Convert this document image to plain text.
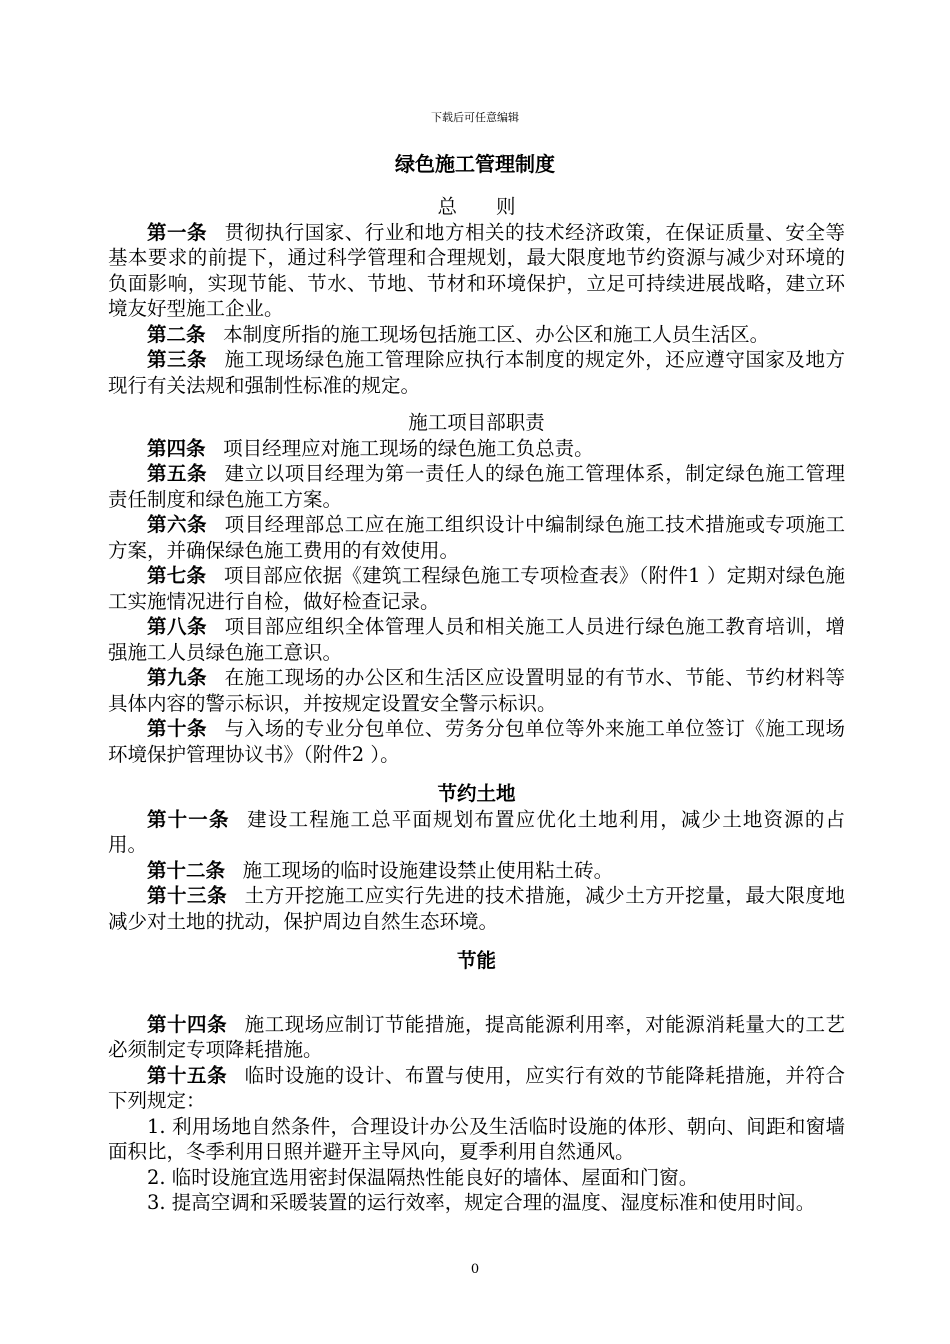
下载后可任意编辑
绿色施工管理制度

总　　则

第一条 贯彻执行国家、行业和地方相关的技术经济政策，在保证质量、安全等基本要求的前提下，通过科学管理和合理规划，最大限度地节约资源与减少对环境的负面影响，实现节能、节水、节地、节材和环境保护，立足可持续进展战略，建立环境友好型施工企业。

第二条 本制度所指的施工现场包括施工区、办公区和施工人员生活区。

第三条 施工现场绿色施工管理除应执行本制度的规定外，还应遵守国家及地方现行有关法规和强制性标准的规定。

施工项目部职责

第四条 项目经理应对施工现场的绿色施工负总责。

第五条 建立以项目经理为第一责任人的绿色施工管理体系，制定绿色施工管理责任制度和绿色施工方案。

第六条 项目经理部总工应在施工组织设计中编制绿色施工技术措施或专项施工方案，并确保绿色施工费用的有效使用。

第七条 项目部应依据《建筑工程绿色施工专项检查表》（附件1 ）定期对绿色施工实施情况进行自检，做好检查记录。

第八条 项目部应组织全体管理人员和相关施工人员进行绿色施工教育培训，增强施工人员绿色施工意识。

第九条 在施工现场的办公区和生活区应设置明显的有节水、节能、节约材料等具体内容的警示标识，并按规定设置安全警示标识。

第十条 与入场的专业分包单位、劳务分包单位等外来施工单位签订《施工现场环境保护管理协议书》（附件2 ）。

节约土地

第十一条 建设工程施工总平面规划布置应优化土地利用，减少土地资源的占用。

第十二条 施工现场的临时设施建设禁止使用粘土砖。

第十三条 土方开挖施工应实行先进的技术措施，减少土方开挖量，最大限度地减少对土地的扰动，保护周边自然生态环境。

节能

第十四条 施工现场应制订节能措施，提高能源利用率，对能源消耗量大的工艺必须制定专项降耗措施。

第十五条 临时设施的设计、布置与使用，应实行有效的节能降耗措施，并符合下列规定：

1. 利用场地自然条件，合理设计办公及生活临时设施的体形、朝向、间距和窗墙面积比，冬季利用日照并避开主导风向，夏季利用自然通风。

2. 临时设施宜选用密封保温隔热性能良好的墙体、屋面和门窗。

3. 提高空调和采暖装置的运行效率，规定合理的温度、湿度标准和使用时间。

0
